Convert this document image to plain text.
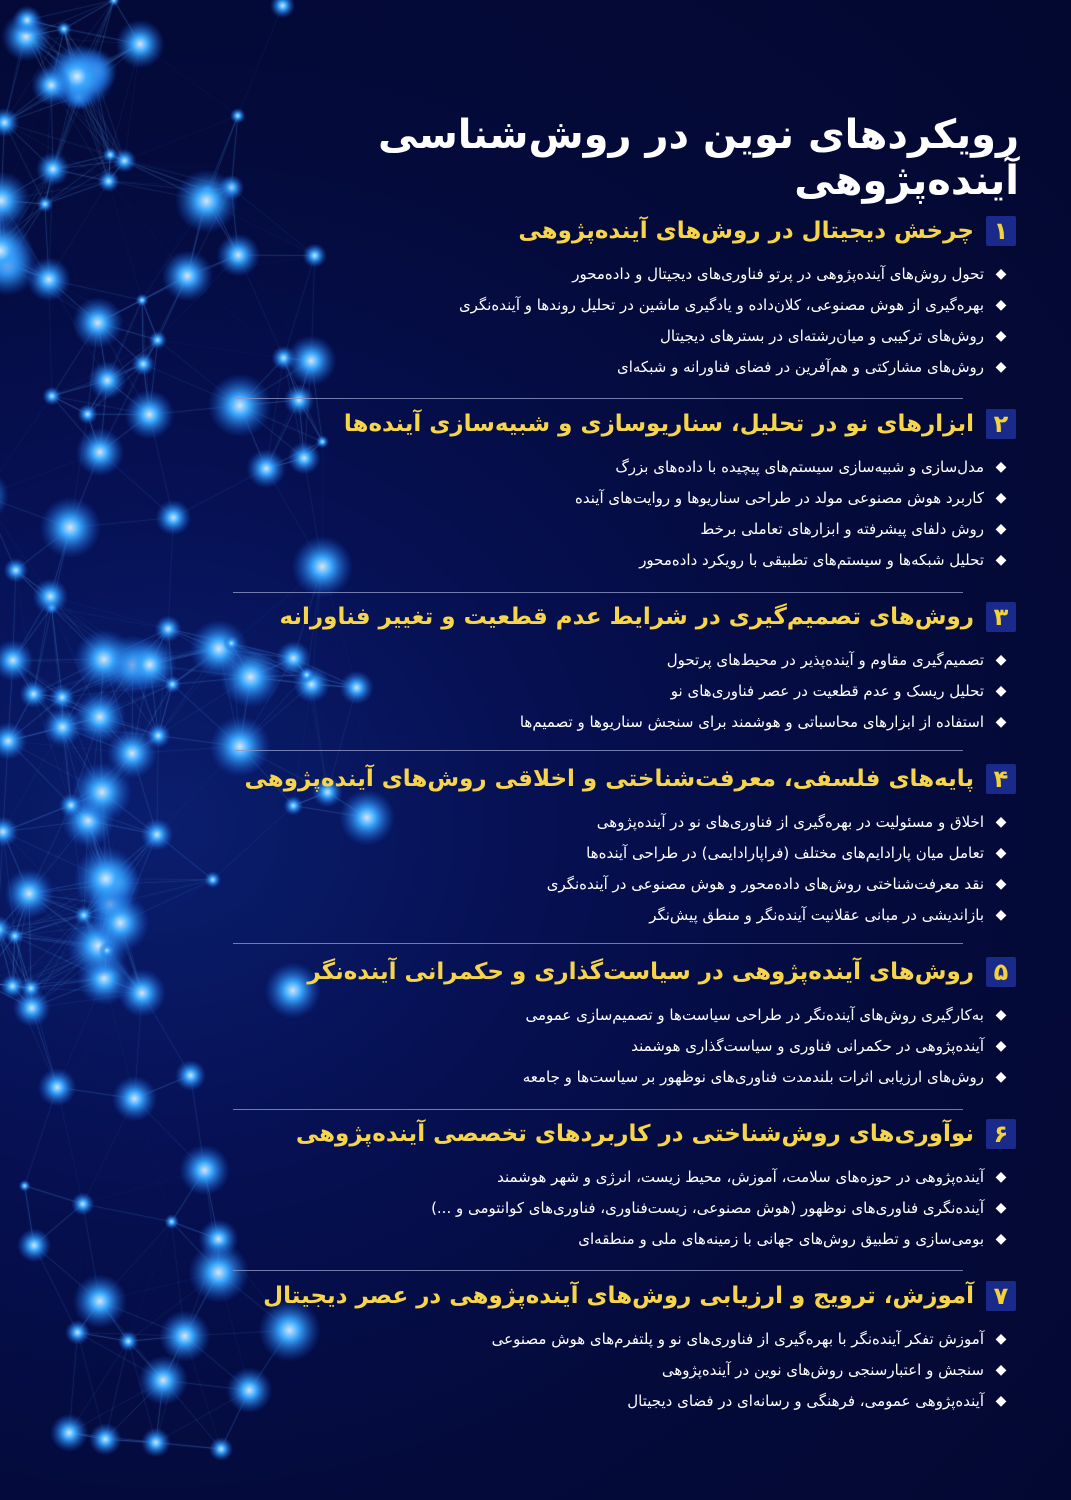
رویکردهای نوین در روش‌شناسی آینده‌پژوهی
۱
چرخش دیجیتال در روش‌های آینده‌پژوهی
◆
تحول روش‌های آینده‌پژوهی در پرتو فناوری‌های دیجیتال و داده‌محور
◆
بهره‌گیری از هوش مصنوعی، کلان‌داده و یادگیری ماشین در تحلیل روندها و آینده‌نگری
◆
روش‌های ترکیبی و میان‌رشته‌ای در بسترهای دیجیتال
◆
روش‌های مشارکتی و هم‌آفرین در فضای فناورانه و شبکه‌ای
۲
ابزارهای نو در تحلیل، سناریوسازی و شبیه‌سازی آینده‌ها
◆
مدل‌سازی و شبیه‌سازی سیستم‌های پیچیده با داده‌های بزرگ
◆
کاربرد هوش مصنوعی مولد در طراحی سناریوها و روایت‌های آینده
◆
روش دلفای پیشرفته و ابزارهای تعاملی برخط
◆
تحلیل شبکه‌ها و سیستم‌های تطبیقی با رویکرد داده‌محور
۳
روش‌های تصمیم‌گیری در شرایط عدم قطعیت و تغییر فناورانه
◆
تصمیم‌گیری مقاوم و آینده‌پذیر در محیط‌های پرتحول
◆
تحلیل ریسک و عدم قطعیت در عصر فناوری‌های نو
◆
استفاده از ابزارهای محاسباتی و هوشمند برای سنجش سناریوها و تصمیم‌ها
۴
پایه‌های فلسفی، معرفت‌شناختی و اخلاقی روش‌های آینده‌پژوهی
◆
اخلاق و مسئولیت در بهره‌گیری از فناوری‌های نو در آینده‌پژوهی
◆
تعامل میان پارادایم‌های مختلف (فراپارادایمی) در طراحی آینده‌ها
◆
نقد معرفت‌شناختی روش‌های داده‌محور و هوش مصنوعی در آینده‌نگری
◆
بازاندیشی در مبانی عقلانیت آینده‌نگر و منطق پیش‌نگر
۵
روش‌های آینده‌پژوهی در سیاست‌گذاری و حکمرانی آینده‌نگر
◆
به‌کارگیری روش‌های آینده‌نگر در طراحی سیاست‌ها و تصمیم‌سازی عمومی
◆
آینده‌پژوهی در حکمرانی فناوری و سیاست‌گذاری هوشمند
◆
روش‌های ارزیابی اثرات بلندمدت فناوری‌های نوظهور بر سیاست‌ها و جامعه
۶
نوآوری‌های روش‌شناختی در کاربردهای تخصصی آینده‌پژوهی
◆
آینده‌پژوهی در حوزه‌های سلامت، آموزش، محیط زیست، انرژی و شهر هوشمند
◆
آینده‌نگری فناوری‌های نوظهور (هوش مصنوعی، زیست‌فناوری، فناوری‌های کوانتومی و ...)
◆
بومی‌سازی و تطبیق روش‌های جهانی با زمینه‌های ملی و منطقه‌ای
۷
آموزش، ترویج و ارزیابی روش‌های آینده‌پژوهی در عصر دیجیتال
◆
آموزش تفکر آینده‌نگر با بهره‌گیری از فناوری‌های نو و پلتفرم‌های هوش مصنوعی
◆
سنجش و اعتبارسنجی روش‌های نوین در آینده‌پژوهی
◆
آینده‌پژوهی عمومی، فرهنگی و رسانه‌ای در فضای دیجیتال
